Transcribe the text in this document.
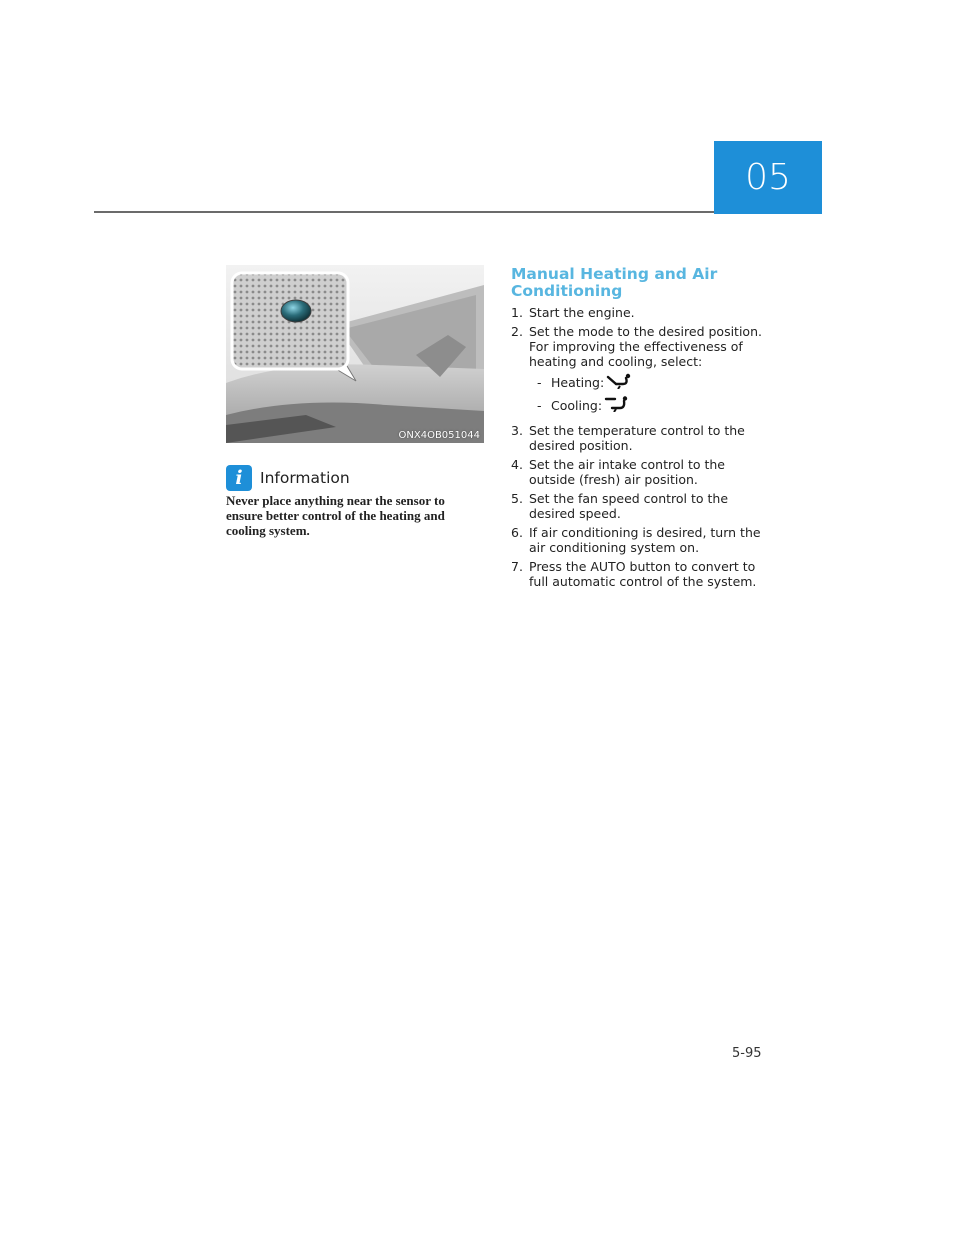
05
ONX4OB051044
i	Information

Never place anything near the sensor to ensure better control of the heating and cooling system.

Manual Heating and Air Conditioning
1. Start the engine.
2. Set the mode to the desired position. For improving the effectiveness of heating and cooling, select:
- Heating:
- Cooling:
3. Set the temperature control to the desired position.
4. Set the air intake control to the outside (fresh) air position.
5. Set the fan speed control to the desired speed.
6. If air conditioning is desired, turn the air conditioning system on.
7. Press the AUTO button to convert to full automatic control of the system.
5-95
